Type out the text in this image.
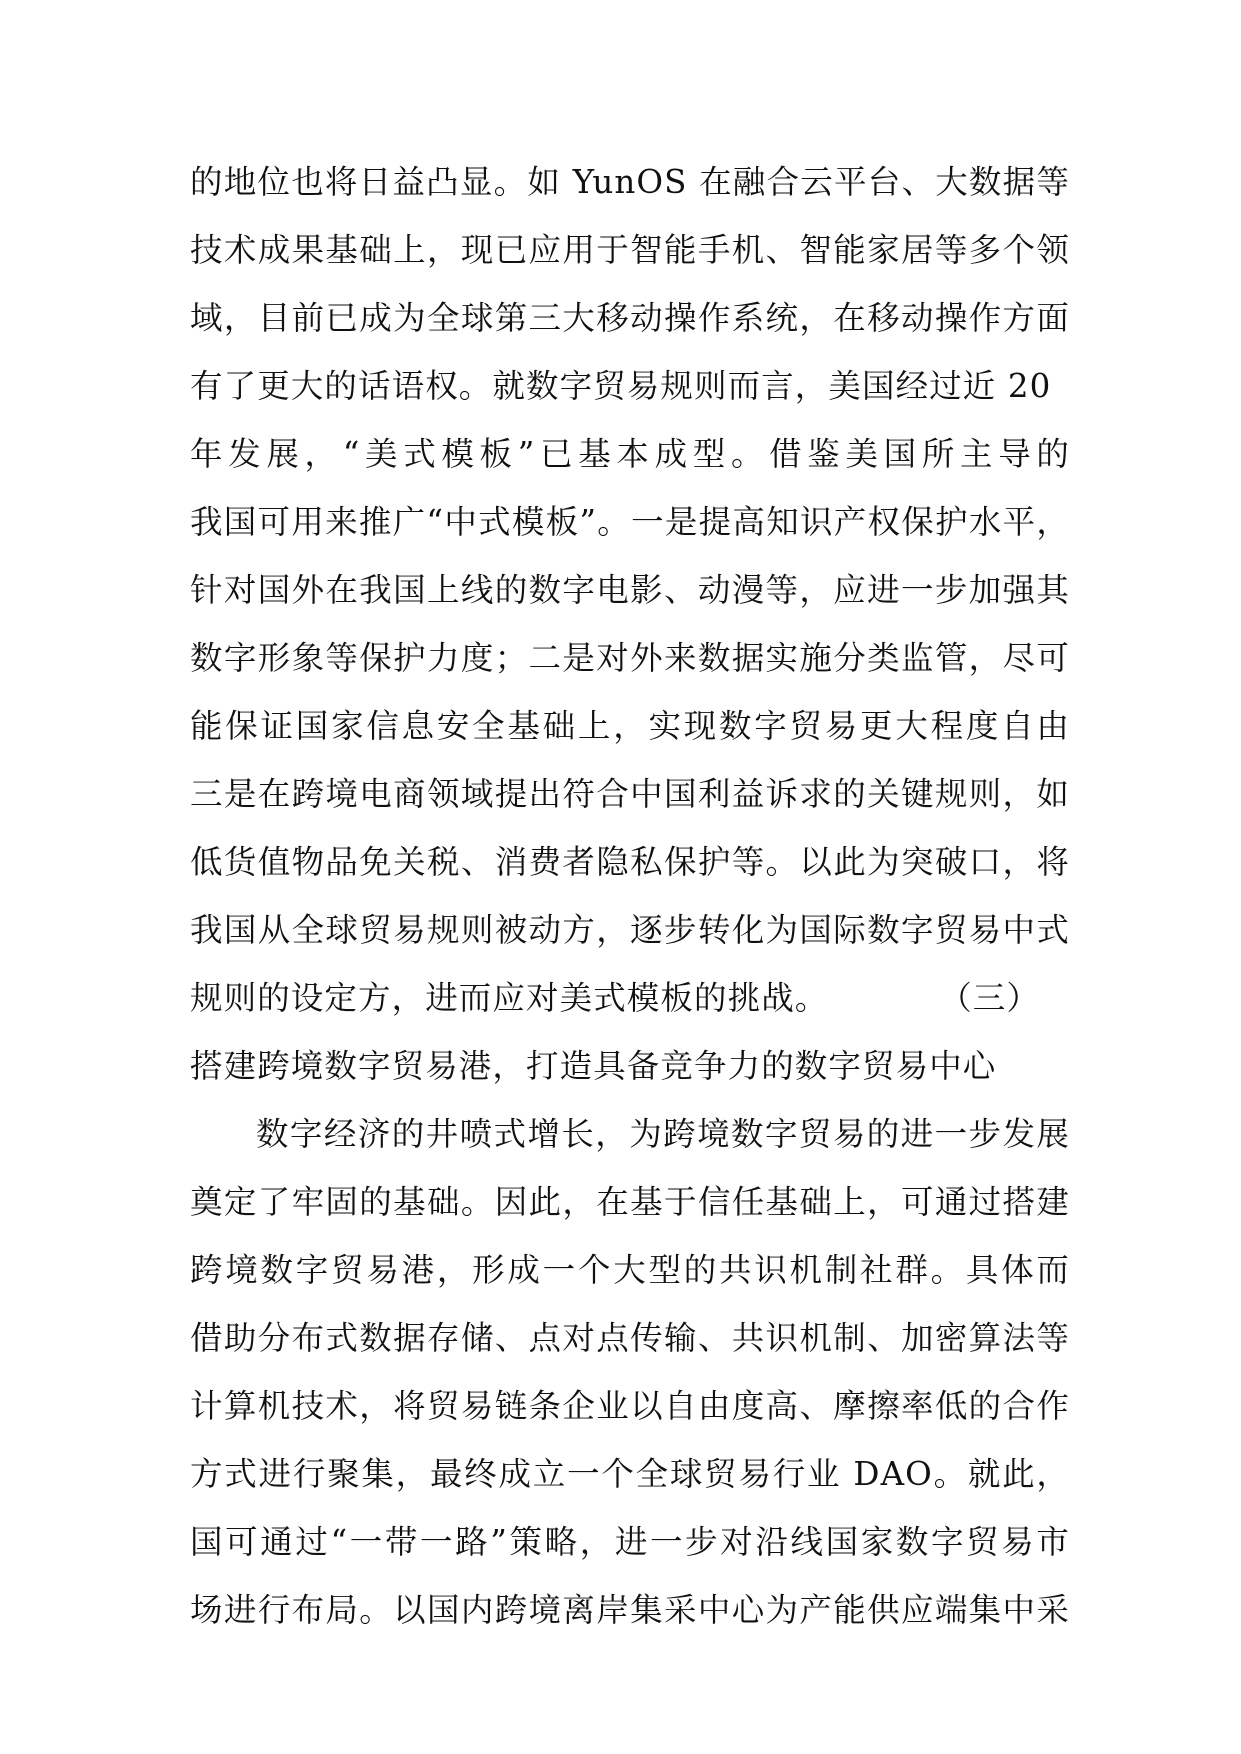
的地位也将日益凸显。如 YunOS 在融合云平台、大数据等
技术成果基础上，现已应用于智能手机、智能家居等多个领
域，目前已成为全球第三大移动操作系统，在移动操作方面
有了更大的话语权。就数字贸易规则而言，美国经过近 20
年发展，“美式模板”已基本成型。借鉴美国所主导的
我国可用来推广“中式模板”。一是提高知识产权保护水平，
针对国外在我国上线的数字电影、动漫等，应进一步加强其
数字形象等保护力度；二是对外来数据实施分类监管，尽可
能保证国家信息安全基础上，实现数字贸易更大程度自由
三是在跨境电商领域提出符合中国利益诉求的关键规则，如
低货值物品免关税、消费者隐私保护等。以此为突破口，将
我国从全球贸易规则被动方，逐步转化为国际数字贸易中式
规则的设定方，进而应对美式模板的挑战。	（三）
搭建跨境数字贸易港，打造具备竞争力的数字贸易中心
数字经济的井喷式增长，为跨境数字贸易的进一步发展
奠定了牢固的基础。因此，在基于信任基础上，可通过搭建
跨境数字贸易港，形成一个大型的共识机制社群。具体而
借助分布式数据存储、点对点传输、共识机制、加密算法等
计算机技术，将贸易链条企业以自由度高、摩擦率低的合作
方式进行聚集，最终成立一个全球贸易行业 DAO。就此，
国可通过“一带一路”策略，进一步对沿线国家数字贸易市
场进行布局。以国内跨境离岸集采中心为产能供应端集中采
